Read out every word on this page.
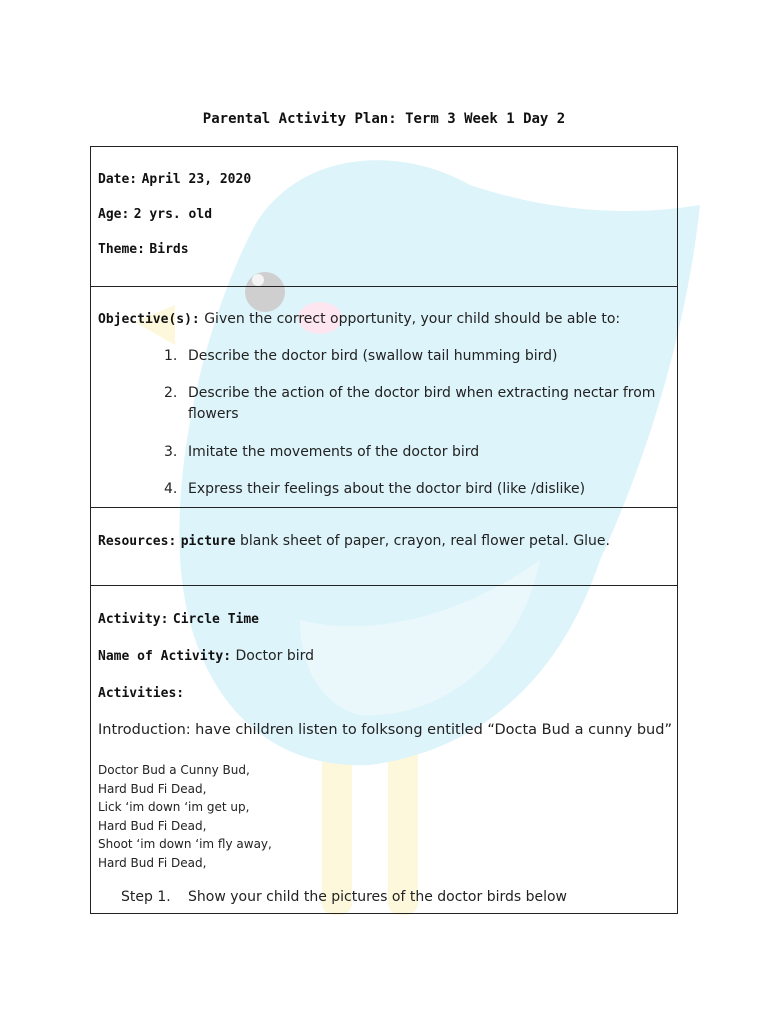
Parental Activity Plan: Term 3 Week 1 Day 2
Date: April 23, 2020
Age: 2 yrs. old
Theme: Birds
Objective(s): Given the correct opportunity, your child should be able to:
1. Describe the doctor bird (swallow tail humming bird)
2. Describe the action of the doctor bird when extracting nectar from flowers
3. Imitate the movements of the doctor bird
4. Express their feelings about the doctor bird (like /dislike)
Resources: picture blank sheet of paper, crayon, real flower petal. Glue.
Activity: Circle Time
Name of Activity: Doctor bird
Activities:
Introduction: have children listen to folksong entitled “Docta Bud a cunny bud”
Doctor Bud a Cunny Bud,
Hard Bud Fi Dead,
Lick ‘im down ‘im get up,
Hard Bud Fi Dead,
Shoot ‘im down ‘im fly away,
Hard Bud Fi Dead,
Step 1. Show your child the pictures of the doctor birds below
